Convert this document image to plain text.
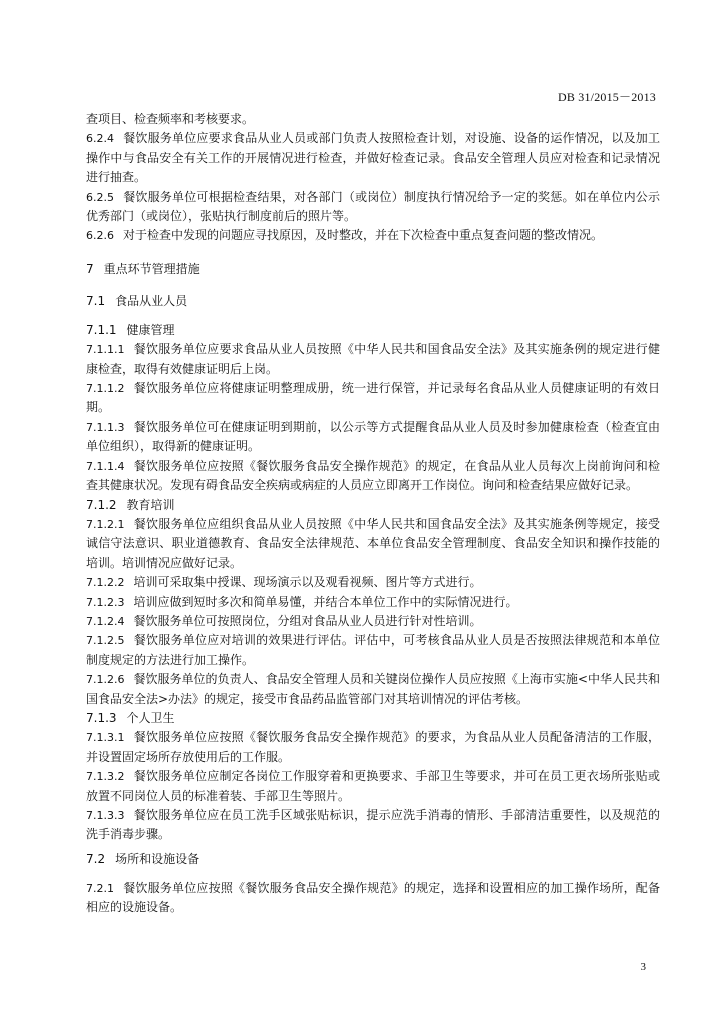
DB 31/2015－2013

查项目、检查频率和考核要求。

6.2.4 餐饮服务单位应要求食品从业人员或部门负责人按照检查计划，对设施、设备的运作情况，以及加工操作中与食品安全有关工作的开展情况进行检查，并做好检查记录。食品安全管理人员应对检查和记录情况进行抽查。

6.2.5 餐饮服务单位可根据检查结果，对各部门（或岗位）制度执行情况给予一定的奖惩。如在单位内公示优秀部门（或岗位），张贴执行制度前后的照片等。

6.2.6 对于检查中发现的问题应寻找原因，及时整改，并在下次检查中重点复查问题的整改情况。

7 重点环节管理措施
7.1 食品从业人员
7.1.1 健康管理

7.1.1.1 餐饮服务单位应要求食品从业人员按照《中华人民共和国食品安全法》及其实施条例的规定进行健康检查，取得有效健康证明后上岗。

7.1.1.2 餐饮服务单位应将健康证明整理成册，统一进行保管，并记录每名食品从业人员健康证明的有效日期。

7.1.1.3 餐饮服务单位可在健康证明到期前，以公示等方式提醒食品从业人员及时参加健康检查（检查宜由单位组织），取得新的健康证明。

7.1.1.4 餐饮服务单位应按照《餐饮服务食品安全操作规范》的规定，在食品从业人员每次上岗前询问和检查其健康状况。发现有碍食品安全疾病或病症的人员应立即离开工作岗位。询问和检查结果应做好记录。

7.1.2 教育培训

7.1.2.1 餐饮服务单位应组织食品从业人员按照《中华人民共和国食品安全法》及其实施条例等规定，接受诚信守法意识、职业道德教育、食品安全法律规范、本单位食品安全管理制度、食品安全知识和操作技能的培训。培训情况应做好记录。

7.1.2.2 培训可采取集中授课、现场演示以及观看视频、图片等方式进行。

7.1.2.3 培训应做到短时多次和简单易懂，并结合本单位工作中的实际情况进行。

7.1.2.4 餐饮服务单位可按照岗位，分组对食品从业人员进行针对性培训。

7.1.2.5 餐饮服务单位应对培训的效果进行评估。评估中，可考核食品从业人员是否按照法律规范和本单位制度规定的方法进行加工操作。

7.1.2.6 餐饮服务单位的负责人、食品安全管理人员和关键岗位操作人员应按照《上海市实施<中华人民共和国食品安全法>办法》的规定，接受市食品药品监管部门对其培训情况的评估考核。

7.1.3 个人卫生

7.1.3.1 餐饮服务单位应按照《餐饮服务食品安全操作规范》的要求，为食品从业人员配备清洁的工作服，并设置固定场所存放使用后的工作服。

7.1.3.2 餐饮服务单位应制定各岗位工作服穿着和更换要求、手部卫生等要求，并可在员工更衣场所张贴或放置不同岗位人员的标准着装、手部卫生等照片。

7.1.3.3 餐饮服务单位应在员工洗手区域张贴标识，提示应洗手消毒的情形、手部清洁重要性，以及规范的洗手消毒步骤。

7.2 场所和设施设备

7.2.1 餐饮服务单位应按照《餐饮服务食品安全操作规范》的规定，选择和设置相应的加工操作场所，配备相应的设施设备。

3
